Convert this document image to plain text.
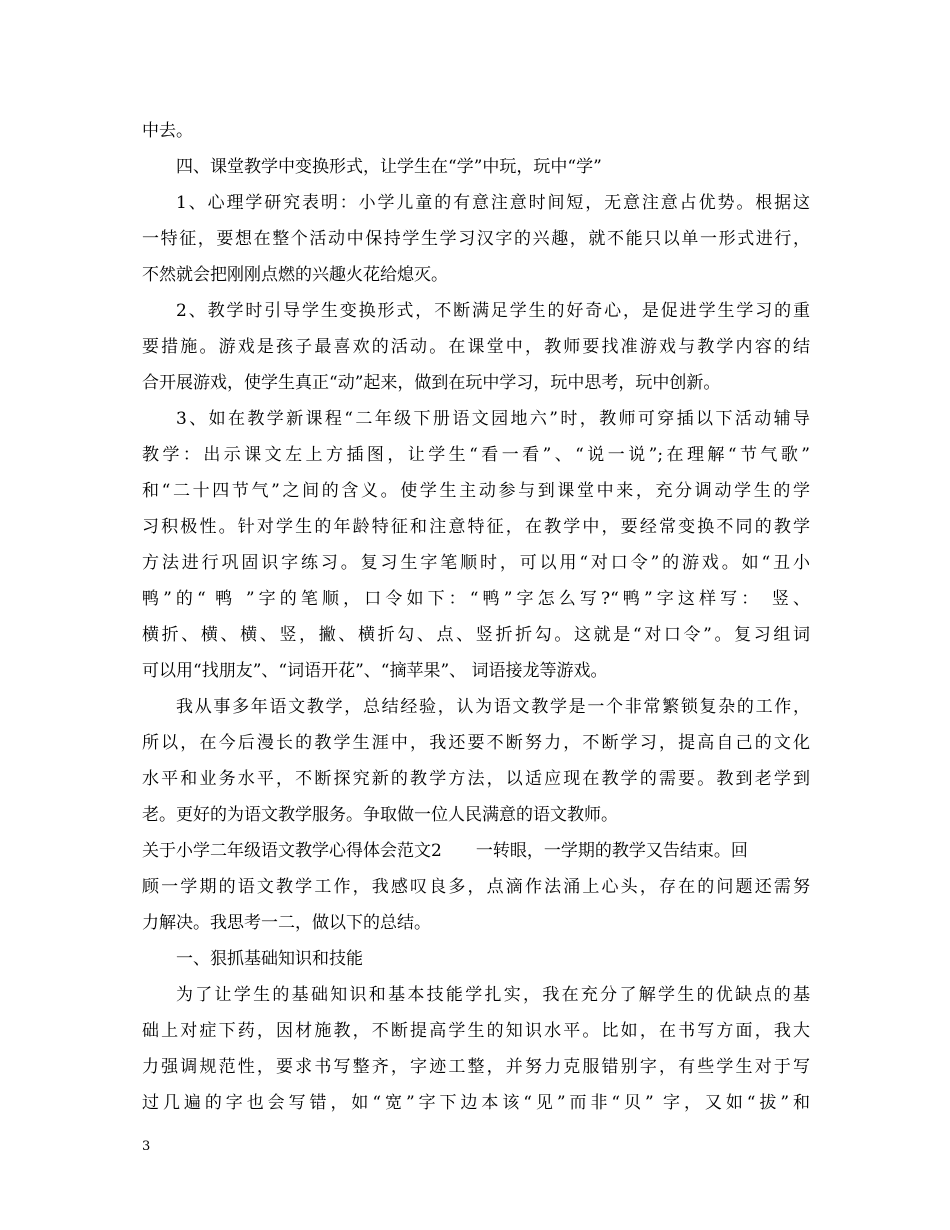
中去。
四、课堂教学中变换形式，让学生在“学”中玩，玩中“学”
1、心理学研究表明：小学儿童的有意注意时间短，无意注意占优势。根据这
一特征，要想在整个活动中保持学生学习汉字的兴趣，就不能只以单一形式进行，
不然就会把刚刚点燃的兴趣火花给熄灭。
2、教学时引导学生变换形式，不断满足学生的好奇心，是促进学生学习的重
要措施。游戏是孩子最喜欢的活动。在课堂中，教师要找准游戏与教学内容的结
合开展游戏，使学生真正“动”起来，做到在玩中学习，玩中思考，玩中创新。
3、如在教学新课程“二年级下册语文园地六”时，教师可穿插以下活动辅导
教学：出示课文左上方插图，让学生“看一看”、“说一说”;在理解“节气歌”
和“二十四节气”之间的含义。使学生主动参与到课堂中来，充分调动学生的学
习积极性。针对学生的年龄特征和注意特征，在教学中，要经常变换不同的教学
方法进行巩固识字练习。复习生字笔顺时，可以用“对口令”的游戏。如“丑小
鸭”的“ 鸭 ”字的笔顺，口令如下：“鸭”字怎么写?“鸭”字这样写： 竖、
横折、横、横、竖，撇、横折勾、点、竖折折勾。这就是“对口令”。复习组词
可以用“找朋友”、“词语开花”、“摘苹果”、 词语接龙等游戏。
我从事多年语文教学，总结经验，认为语文教学是一个非常繁锁复杂的工作，
所以，在今后漫长的教学生涯中，我还要不断努力，不断学习，提高自己的文化
水平和业务水平，不断探究新的教学方法，以适应现在教学的需要。教到老学到
老。更好的为语文教学服务。争取做一位人民满意的语文教师。
关于小学二年级语文教学心得体会范文2　　一转眼，一学期的教学又告结束。回
顾一学期的语文教学工作，我感叹良多，点滴作法涌上心头，存在的问题还需努
力解决。我思考一二，做以下的总结。
一、狠抓基础知识和技能
为了让学生的基础知识和基本技能学扎实，我在充分了解学生的优缺点的基
础上对症下药，因材施教，不断提高学生的知识水平。比如，在书写方面，我大
力强调规范性，要求书写整齐，字迹工整，并努力克服错别字，有些学生对于写
过几遍的字也会写错，如“宽”字下边本该“见”而非“贝” 字，又如“拔”和
3
